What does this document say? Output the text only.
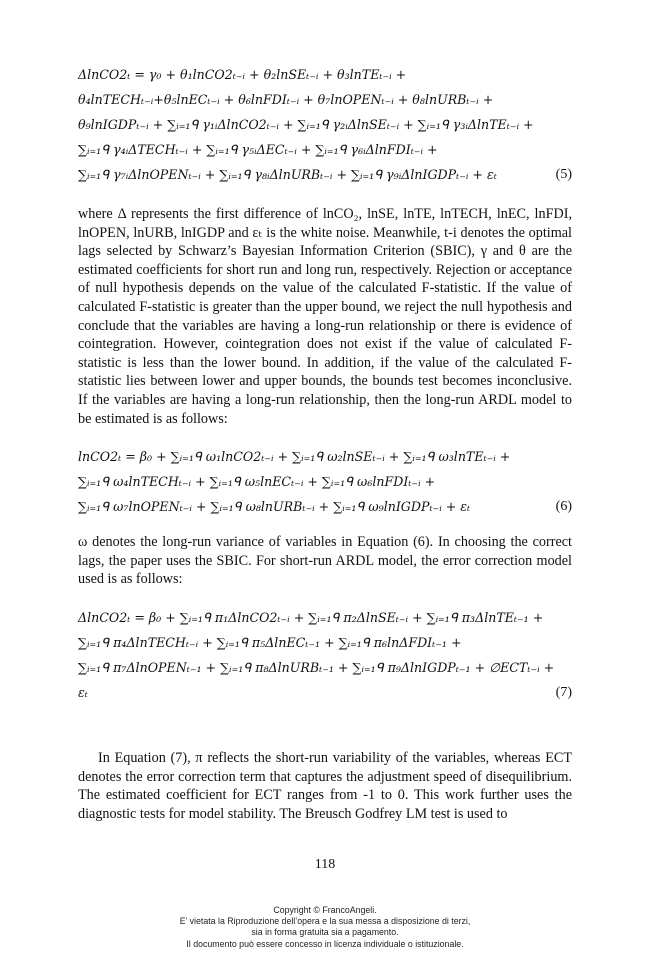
ΔlnCO2ₜ = γ₀ + θ₁lnCO2ₜ₋ᵢ + θ₂lnSEₜ₋ᵢ + θ₃lnTEₜ₋ᵢ +
θ₄lnTECHₜ₋ᵢ+θ₅lnECₜ₋ᵢ + θ₆lnFDIₜ₋ᵢ + θ₇lnOPENₜ₋ᵢ + θ₈lnURBₜ₋ᵢ +
θ₉lnIGDPₜ₋ᵢ + ∑ᵢ₌₁ᑫ γ₁ᵢΔlnCO2ₜ₋ᵢ + ∑ᵢ₌₁ᑫ γ₂ᵢΔlnSEₜ₋ᵢ + ∑ᵢ₌₁ᑫ γ₃ᵢΔlnTEₜ₋ᵢ +
∑ᵢ₌₁ᑫ γ₄ᵢΔTECHₜ₋ᵢ + ∑ᵢ₌₁ᑫ γ₅ᵢΔECₜ₋ᵢ + ∑ᵢ₌₁ᑫ γ₆ᵢΔlnFDIₜ₋ᵢ +
∑ᵢ₌₁ᑫ γ₇ᵢΔlnOPENₜ₋ᵢ + ∑ᵢ₌₁ᑫ γ₈ᵢΔlnURBₜ₋ᵢ + ∑ᵢ₌₁ᑫ γ₉ᵢΔlnIGDPₜ₋ᵢ + εₜ	(5)

where Δ represents the first difference of lnCO₂, lnSE, lnTE, lnTECH, lnEC, lnFDI, lnOPEN, lnURB, lnIGDP and εₜ is the white noise. Meanwhile, t-i denotes the optimal lags selected by Schwarz’s Bayesian Information Criterion (SBIC), γ and θ are the estimated coefficients for short run and long run, respectively. Rejection or acceptance of null hypothesis depends on the value of the calculated F-statistic. If the value of calculated F-statistic is greater than the upper bound, we reject the null hypothesis and conclude that the variables are having a long-run relationship or there is evidence of cointegration. However, cointegration does not exist if the value of calculated F-statistic is less than the lower bound. In addition, if the value of the calculated F-statistic lies between lower and upper bounds, the bounds test becomes inconclusive. If the variables are having a long-run relationship, then the long-run ARDL model to be estimated is as follows:

lnCO2ₜ = β₀ + ∑ᵢ₌₁ᑫ ω₁lnCO2ₜ₋ᵢ + ∑ᵢ₌₁ᑫ ω₂lnSEₜ₋ᵢ + ∑ᵢ₌₁ᑫ ω₃lnTEₜ₋ᵢ +
∑ᵢ₌₁ᑫ ω₄lnTECHₜ₋ᵢ + ∑ᵢ₌₁ᑫ ω₅lnECₜ₋ᵢ + ∑ᵢ₌₁ᑫ ω₆lnFDIₜ₋ᵢ +
∑ᵢ₌₁ᑫ ω₇lnOPENₜ₋ᵢ + ∑ᵢ₌₁ᑫ ω₈lnURBₜ₋ᵢ + ∑ᵢ₌₁ᑫ ω₉lnIGDPₜ₋ᵢ + εₜ	(6)

ω denotes the long-run variance of variables in Equation (6). In choosing the correct lags, the paper uses the SBIC. For short-run ARDL model, the error correction model used is as follows:

ΔlnCO2ₜ = β₀ + ∑ᵢ₌₁ᑫ π₁ΔlnCO2ₜ₋ᵢ + ∑ᵢ₌₁ᑫ π₂ΔlnSEₜ₋ᵢ + ∑ᵢ₌₁ᑫ π₃ΔlnTEₜ₋₁ +
∑ᵢ₌₁ᑫ π₄ΔlnTECHₜ₋ᵢ + ∑ᵢ₌₁ᑫ π₅ΔlnECₜ₋₁ + ∑ᵢ₌₁ᑫ π₆lnΔFDIₜ₋₁ +
∑ᵢ₌₁ᑫ π₇ΔlnOPENₜ₋₁ + ∑ᵢ₌₁ᑫ π₈ΔlnURBₜ₋₁ + ∑ᵢ₌₁ᑫ π₉ΔlnIGDPₜ₋₁ + ∅ECTₜ₋ᵢ +
εₜ	(7)

In Equation (7), π reflects the short-run variability of the variables, whereas ECT denotes the error correction term that captures the adjustment speed of disequilibrium. The estimated coefficient for ECT ranges from -1 to 0. This work further uses the diagnostic tests for model stability. The Breusch Godfrey LM test is used to

118
Copyright © FrancoAngeli.
E’ vietata la Riproduzione dell’opera e la sua messa a disposizione di terzi,
sia in forma gratuita sia a pagamento.
Il documento può essere concesso in licenza individuale o istituzionale.
